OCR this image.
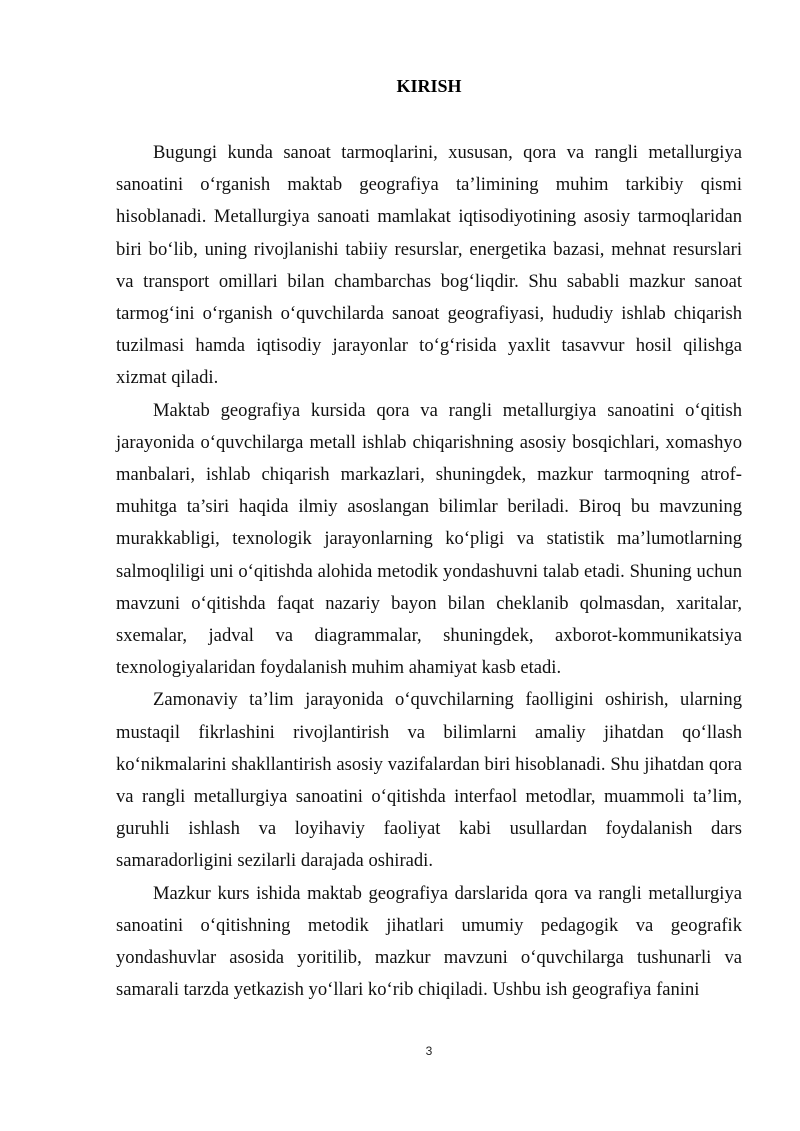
KIRISH

Bugungi kunda sanoat tarmoqlarini, xususan, qora va rangli metallurgiya sanoatini o‘rganish maktab geografiya ta’limining muhim tarkibiy qismi hisoblanadi. Metallurgiya sanoati mamlakat iqtisodiyotining asosiy tarmoqlaridan biri bo‘lib, uning rivojlanishi tabiiy resurslar, energetika bazasi, mehnat resurslari va transport omillari bilan chambarchas bog‘liqdir. Shu sababli mazkur sanoat tarmog‘ini o‘rganish o‘quvchilarda sanoat geografiyasi, hududiy ishlab chiqarish tuzilmasi hamda iqtisodiy jarayonlar to‘g‘risida yaxlit tasavvur hosil qilishga xizmat qiladi.

Maktab geografiya kursida qora va rangli metallurgiya sanoatini o‘qitish jarayonida o‘quvchilarga metall ishlab chiqarishning asosiy bosqichlari, xomashyo manbalari, ishlab chiqarish markazlari, shuningdek, mazkur tarmoqning atrof-muhitga ta’siri haqida ilmiy asoslangan bilimlar beriladi. Biroq bu mavzuning murakkabligi, texnologik jarayonlarning ko‘pligi va statistik ma’lumotlarning salmoqliligi uni o‘qitishda alohida metodik yondashuvni talab etadi. Shuning uchun mavzuni o‘qitishda faqat nazariy bayon bilan cheklanib qolmasdan, xaritalar, sxemalar, jadval va diagrammalar, shuningdek, axborot-kommunikatsiya texnologiyalaridan foydalanish muhim ahamiyat kasb etadi.

Zamonaviy ta’lim jarayonida o‘quvchilarning faolligini oshirish, ularning mustaqil fikrlashini rivojlantirish va bilimlarni amaliy jihatdan qo‘llash ko‘nikmalarini shakllantirish asosiy vazifalardan biri hisoblanadi. Shu jihatdan qora va rangli metallurgiya sanoatini o‘qitishda interfaol metodlar, muammoli ta’lim, guruhli ishlash va loyihaviy faoliyat kabi usullardan foydalanish dars samaradorligini sezilarli darajada oshiradi.

Mazkur kurs ishida maktab geografiya darslarida qora va rangli metallurgiya sanoatini o‘qitishning metodik jihatlari umumiy pedagogik va geografik yondashuvlar asosida yoritilib, mazkur mavzuni o‘quvchilarga tushunarli va samarali tarzda yetkazish yo‘llari ko‘rib chiqiladi. Ushbu ish geografiya fanini

3
